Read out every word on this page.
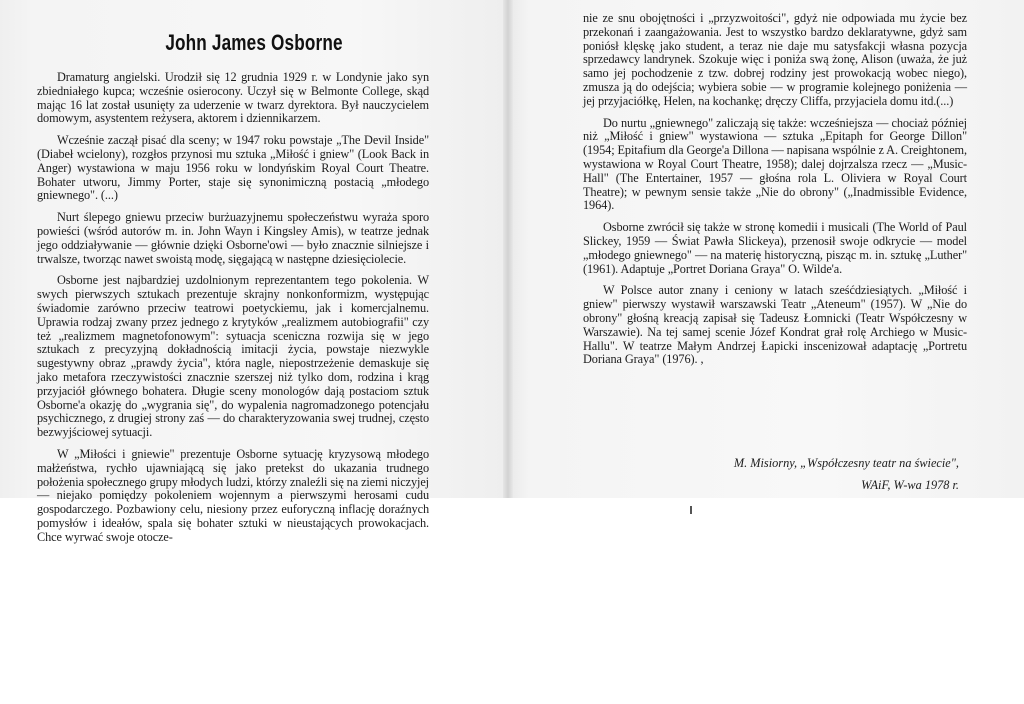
John James Osborne

Dramaturg angielski. Urodził się 12 grudnia 1929 r. w Londynie jako syn zbiedniałego kupca; wcześnie osierocony. Uczył się w Belmonte College, skąd mając 16 lat został usunięty za uderzenie w twarz dyrektora. Był nauczycielem domowym, asystentem reżysera, aktorem i dziennikarzem.

Wcześnie zaczął pisać dla sceny; w 1947 roku powstaje „The Devil Inside" (Diabeł wcielony), rozgłos przynosi mu sztuka „Miłość i gniew" (Look Back in Anger) wystawiona w maju 1956 roku w londyńskim Royal Court Theatre. Bohater utworu, Jimmy Porter, staje się synonimiczną postacią „młodego gniewnego". (...)

Nurt ślepego gniewu przeciw burżuazyjnemu społeczeństwu wyraża sporo powieści (wśród autorów m. in. John Wayn i Kingsley Amis), w teatrze jednak jego oddziaływanie — głównie dzięki Osborne'owi — było znacznie silniejsze i trwalsze, tworząc nawet swoistą modę, sięgającą w następne dziesięciolecie.

Osborne jest najbardziej uzdolnionym reprezentantem tego pokolenia. W swych pierwszych sztukach prezentuje skrajny nonkonformizm, występując świadomie zarówno przeciw teatrowi poetyckiemu, jak i komercjalnemu. Uprawia rodzaj zwany przez jednego z krytyków „realizmem autobiografii" czy też „realizmem magnetofonowym": sytuacja sceniczna rozwija się w jego sztukach z precyzyjną dokładnością imitacji życia, powstaje niezwykle sugestywny obraz „prawdy życia", która nagle, niepostrzeżenie demaskuje się jako metafora rzeczywistości znacznie szerszej niż tylko dom, rodzina i krąg przyjaciół głównego bohatera. Długie sceny monologów dają postaciom sztuk Osborne'a okazję do „wygrania się", do wypalenia nagromadzonego potencjału psychicznego, z drugiej strony zaś — do charakteryzowania swej trudnej, często bezwyjściowej sytuacji.

W „Miłości i gniewie" prezentuje Osborne sytuację kryzysową młodego małżeństwa, rychło ujawniającą się jako pretekst do ukazania trudnego położenia społecznego grupy młodych ludzi, którzy znaleźli się na ziemi niczyjej — niejako pomiędzy pokoleniem wojennym a pierwszymi herosami cudu gospodarczego. Pozbawiony celu, niesiony przez euforyczną inflację doraźnych pomysłów i ideałów, spala się bohater sztuki w nieustających prowokacjach. Chce wyrwać swoje otocze-

nie ze snu obojętności i „przyzwoitości", gdyż nie odpowiada mu życie bez przekonań i zaangażowania. Jest to wszystko bardzo deklaratywne, gdyż sam poniósł klęskę jako student, a teraz nie daje mu satysfakcji własna pozycja sprzedawcy landrynek. Szokuje więc i poniża swą żonę, Alison (uważa, że już samo jej pochodzenie z tzw. dobrej rodziny jest prowokacją wobec niego), zmusza ją do odejścia; wybiera sobie — w programie kolejnego poniżenia — jej przyjaciółkę, Helen, na kochankę; dręczy Cliffa, przyjaciela domu itd.(...)

Do nurtu „gniewnego" zaliczają się także: wcześniejsza — chociaż później niż „Miłość i gniew" wystawiona — sztuka „Epitaph for George Dillon" (1954; Epitafium dla George'a Dillona — napisana wspólnie z A. Creightonem, wystawiona w Royal Court Theatre, 1958); dalej dojrzalsza rzecz — „Music-Hall" (The Entertainer, 1957 — głośna rola L. Oliviera w Royal Court Theatre); w pewnym sensie także „Nie do obrony" („Inadmissible Evidence, 1964).

Osborne zwrócił się także w stronę komedii i musicali (The World of Paul Slickey, 1959 — Świat Pawła Slickeya), przenosił swoje odkrycie — model „młodego gniewnego" — na materię historyczną, pisząc m. in. sztukę „Luther" (1961). Adaptuje „Portret Doriana Graya" O. Wilde'a.

W Polsce autor znany i ceniony w latach sześćdziesiątych. „Miłość i gniew" pierwszy wystawił warszawski Teatr „Ateneum" (1957). W „Nie do obrony" głośną kreacją zapisał się Tadeusz Łomnicki (Teatr Współczesny w Warszawie). Na tej samej scenie Józef Kondrat grał rolę Archiego w Music-Hallu". W teatrze Małym Andrzej Łapicki inscenizował adaptację „Portretu Doriana Graya" (1976). ,

M. Misiorny, „Współczesny teatr na świecie",
WAiF, W-wa 1978 r.
